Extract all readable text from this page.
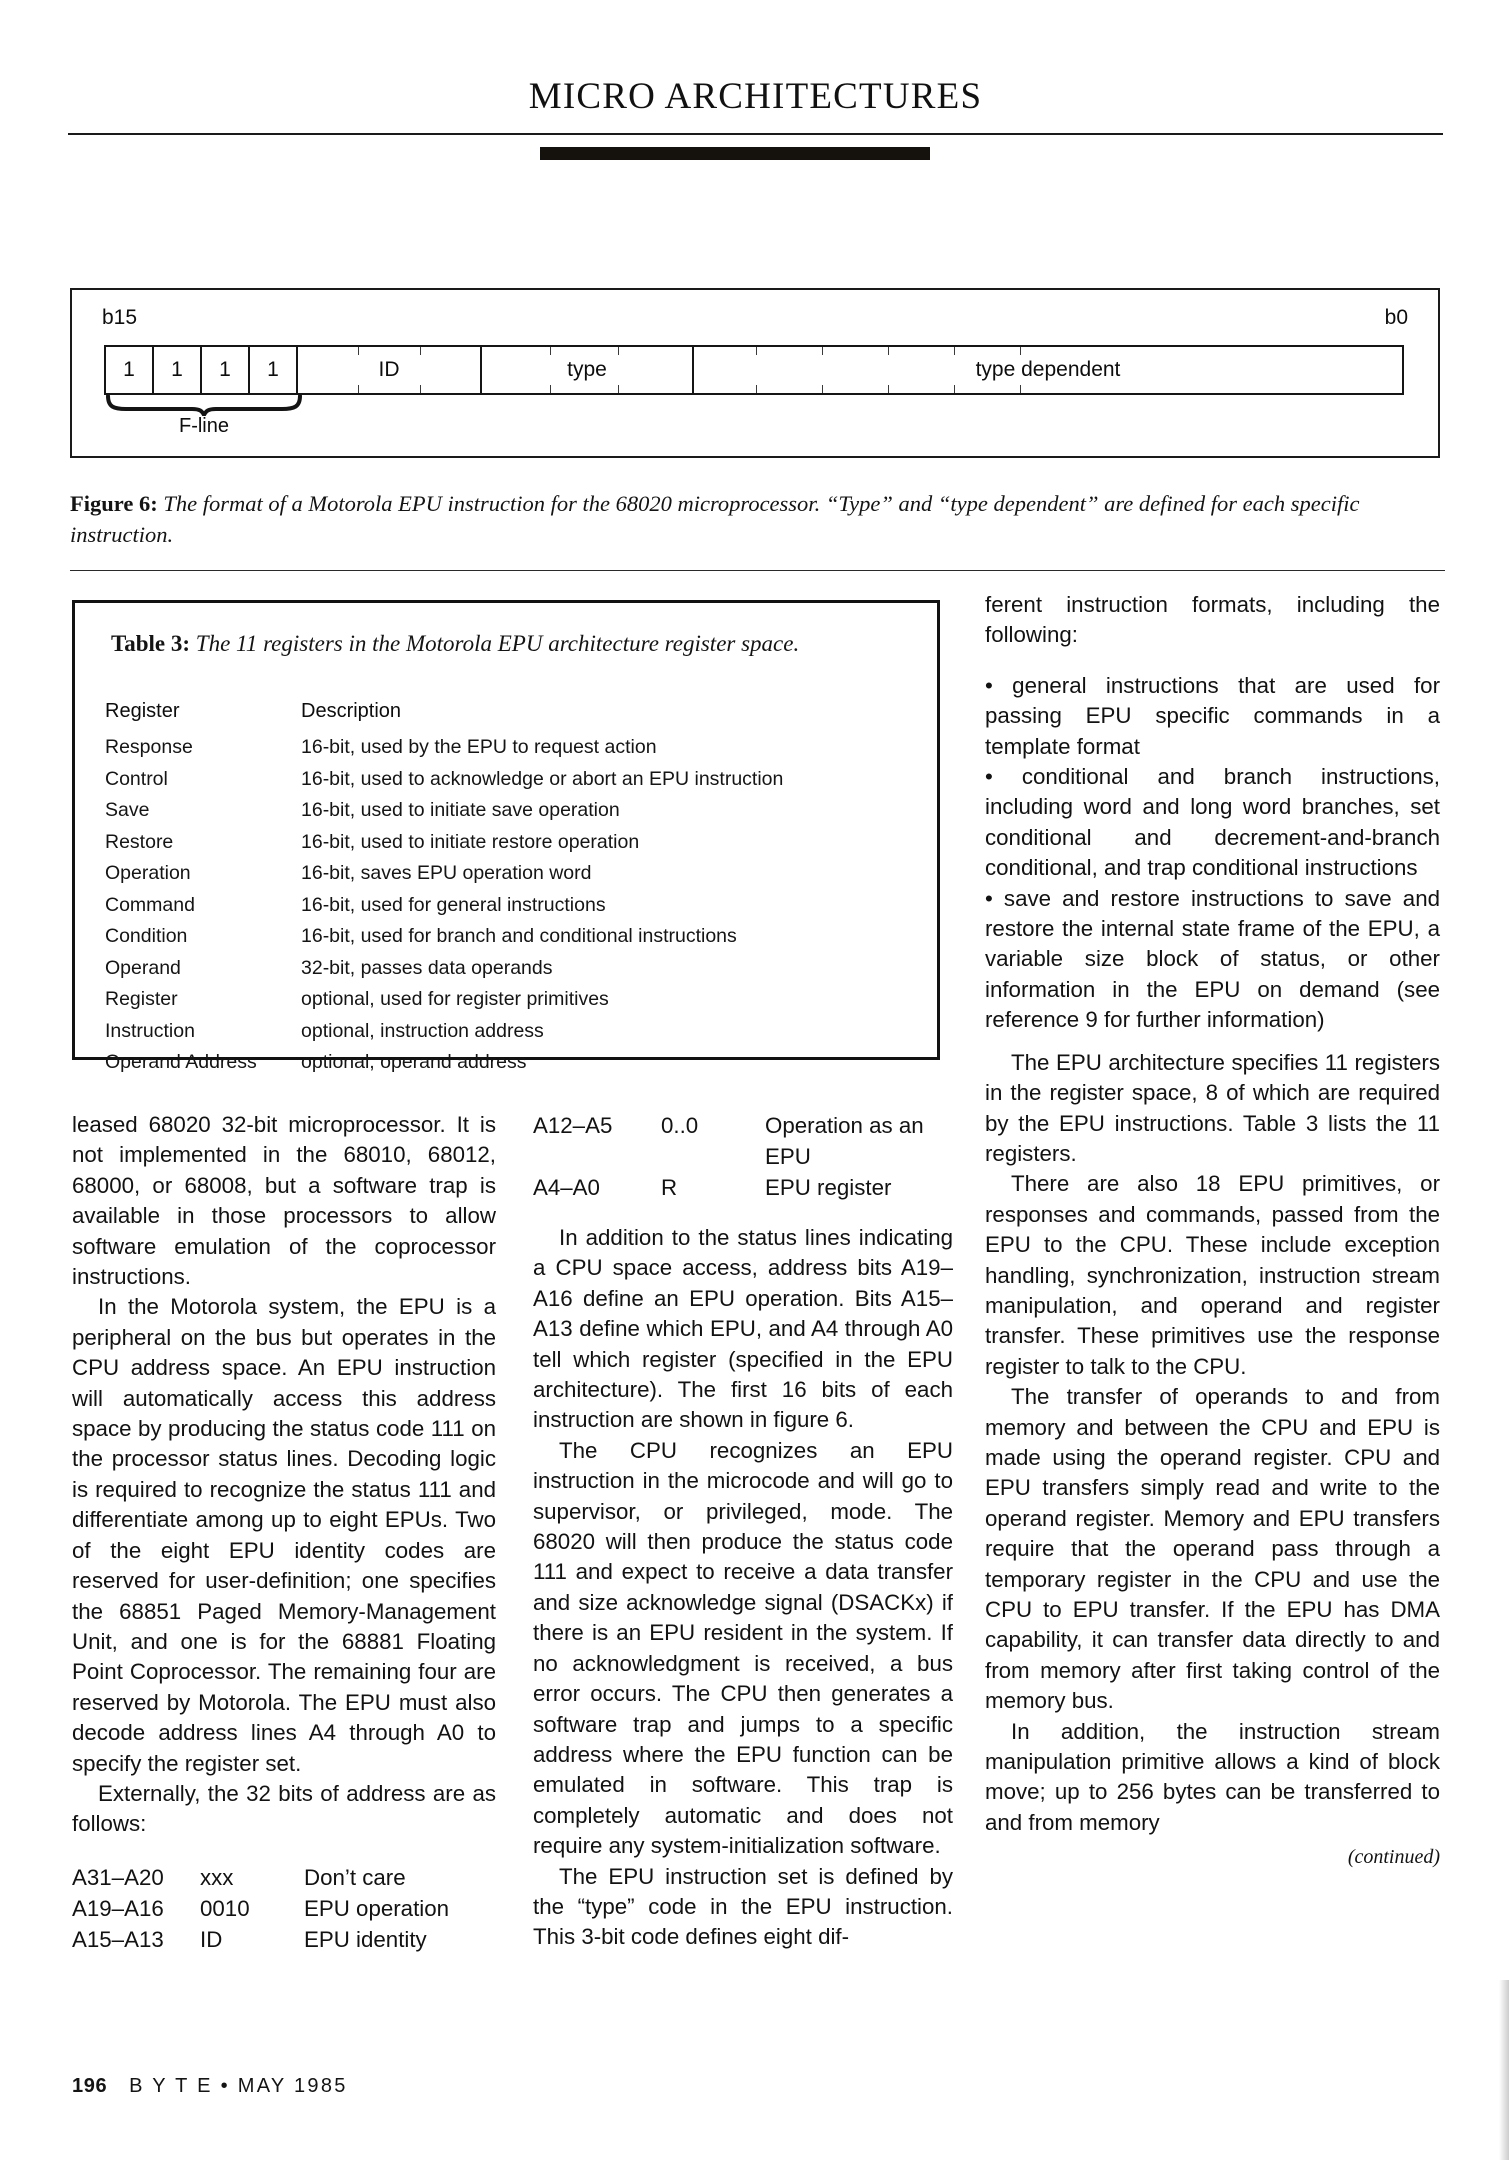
MICRO ARCHITECTURES
b15	b0
1	1	1	1	ID	type	type dependent
F-line
Figure 6: The format of a Motorola EPU instruction for the 68020 microprocessor. “Type” and “type dependent” are defined for each specific instruction.
Table 3: The 11 registers in the Motorola EPU architecture register space.
Register	Description
Response	16-bit, used by the EPU to request action
Control	16-bit, used to acknowledge or abort an EPU instruction
Save	16-bit, used to initiate save operation
Restore	16-bit, used to initiate restore operation
Operation	16-bit, saves EPU operation word
Command	16-bit, used for general instructions
Condition	16-bit, used for branch and conditional instructions
Operand	32-bit, passes data operands
Register	optional, used for register primitives
Instruction	optional, instruction address
Operand Address	optional, operand address

ferent instruction formats, including the following:

• general instructions that are used for passing EPU specific commands in a template format

• conditional and branch instructions, including word and long word branches, set conditional and decrement-and-branch conditional, and trap conditional instructions

• save and restore instructions to save and restore the internal state frame of the EPU, a variable size block of status, or other information in the EPU on demand (see reference 9 for further information)

The EPU architecture specifies 11 registers in the register space, 8 of which are required by the EPU instructions. Table 3 lists the 11 registers.

There are also 18 EPU primitives, or responses and commands, passed from the EPU to the CPU. These include exception handling, synchronization, instruction stream manipulation, and operand and register transfer. These primitives use the response register to talk to the CPU.

The transfer of operands to and from memory and between the CPU and EPU is made using the operand register. CPU and EPU transfers simply read and write to the operand register. Memory and EPU transfers require that the operand pass through a temporary register in the CPU and use the CPU to EPU transfer. If the EPU has DMA capability, it can transfer data directly to and from memory after first taking control of the memory bus.

In addition, the instruction stream manipulation primitive allows a kind of block move; up to 256 bytes can be transferred to and from memory

(continued)

leased 68020 32-bit microprocessor. It is not implemented in the 68010, 68012, 68000, or 68008, but a software trap is available in those processors to allow software emulation of the coprocessor instructions.

In the Motorola system, the EPU is a peripheral on the bus but operates in the CPU address space. An EPU instruction will automatically access this address space by producing the status code 111 on the processor status lines. Decoding logic is required to recognize the status 111 and differentiate among up to eight EPUs. Two of the eight EPU identity codes are reserved for user-definition; one specifies the 68851 Paged Memory-Management Unit, and one is for the 68881 Floating Point Coprocessor. The remaining four are reserved by Motorola. The EPU must also decode address lines A4 through A0 to specify the register set.

Externally, the 32 bits of address are as follows:

A31–A20	xxx	Don’t care
A19–A16	0010	EPU operation
A15–A13	ID	EPU identity
A12–A5	0..0	Operation as an
EPU
A4–A0	R	EPU register

In addition to the status lines indicating a CPU space access, address bits A19–A16 define an EPU operation. Bits A15–A13 define which EPU, and A4 through A0 tell which register (specified in the EPU architecture). The first 16 bits of each instruction are shown in figure 6.

The CPU recognizes an EPU instruction in the microcode and will go to supervisor, or privileged, mode. The 68020 will then produce the status code 111 and expect to receive a data transfer and size acknowledge signal (DSACKx) if there is an EPU resident in the system. If no acknowledgment is received, a bus error occurs. The CPU then generates a software trap and jumps to a specific address where the EPU function can be emulated in software. This trap is completely automatic and does not require any system-initialization software.

The EPU instruction set is defined by the “type” code in the EPU instruction. This 3-bit code defines eight dif-

196 B Y T E • MAY 1985
